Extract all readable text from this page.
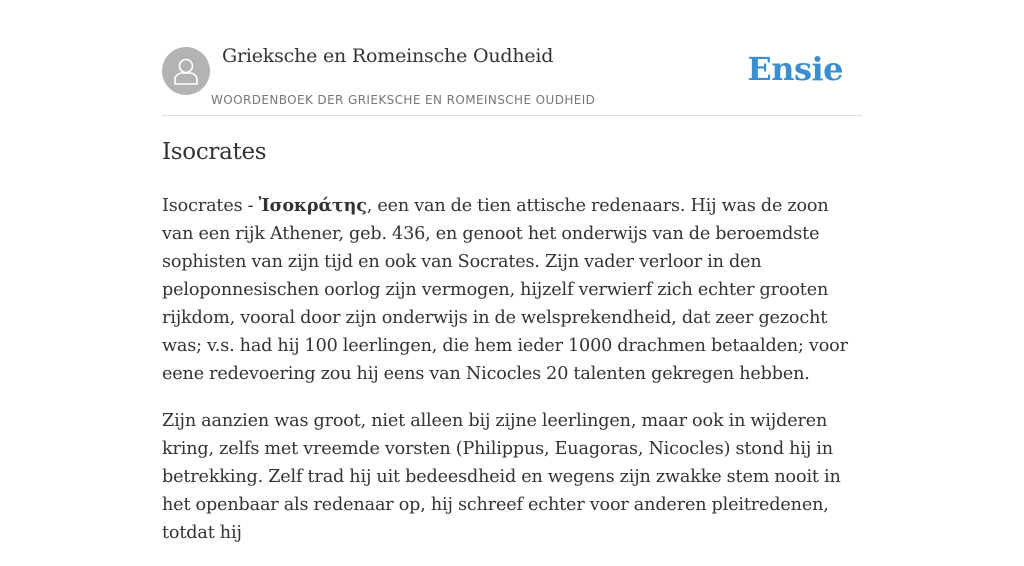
Grieksche en Romeinsche Oudheid
WOORDENBOEK DER GRIEKSCHE EN ROMEINSCHE OUDHEID
Ensie
Isocrates

Isocrates - Ἰσοκράτης, een van de tien attische redenaars. Hij was de zoon van een rijk Athener, geb. 436, en genoot het onderwijs van de beroemdste sophisten van zijn tijd en ook van Socrates. Zijn vader verloor in den peloponnesischen oorlog zijn vermogen, hijzelf verwierf zich echter grooten rijkdom, vooral door zijn onderwijs in de welsprekendheid, dat zeer gezocht was; v.s. had hij 100 leerlingen, die hem ieder 1000 drachmen betaalden; voor eene redevoering zou hij eens van Nicocles 20 talenten gekregen hebben.

Zijn aanzien was groot, niet alleen bij zijne leerlingen, maar ook in wijderen kring, zelfs met vreemde vorsten (Philippus, Euagoras, Nicocles) stond hij in betrekking. Zelf trad hij uit bedeesdheid en wegens zijn zwakke stem nooit in het openbaar als redenaar op, hij schreef echter voor anderen pleitredenen, totdat hij
